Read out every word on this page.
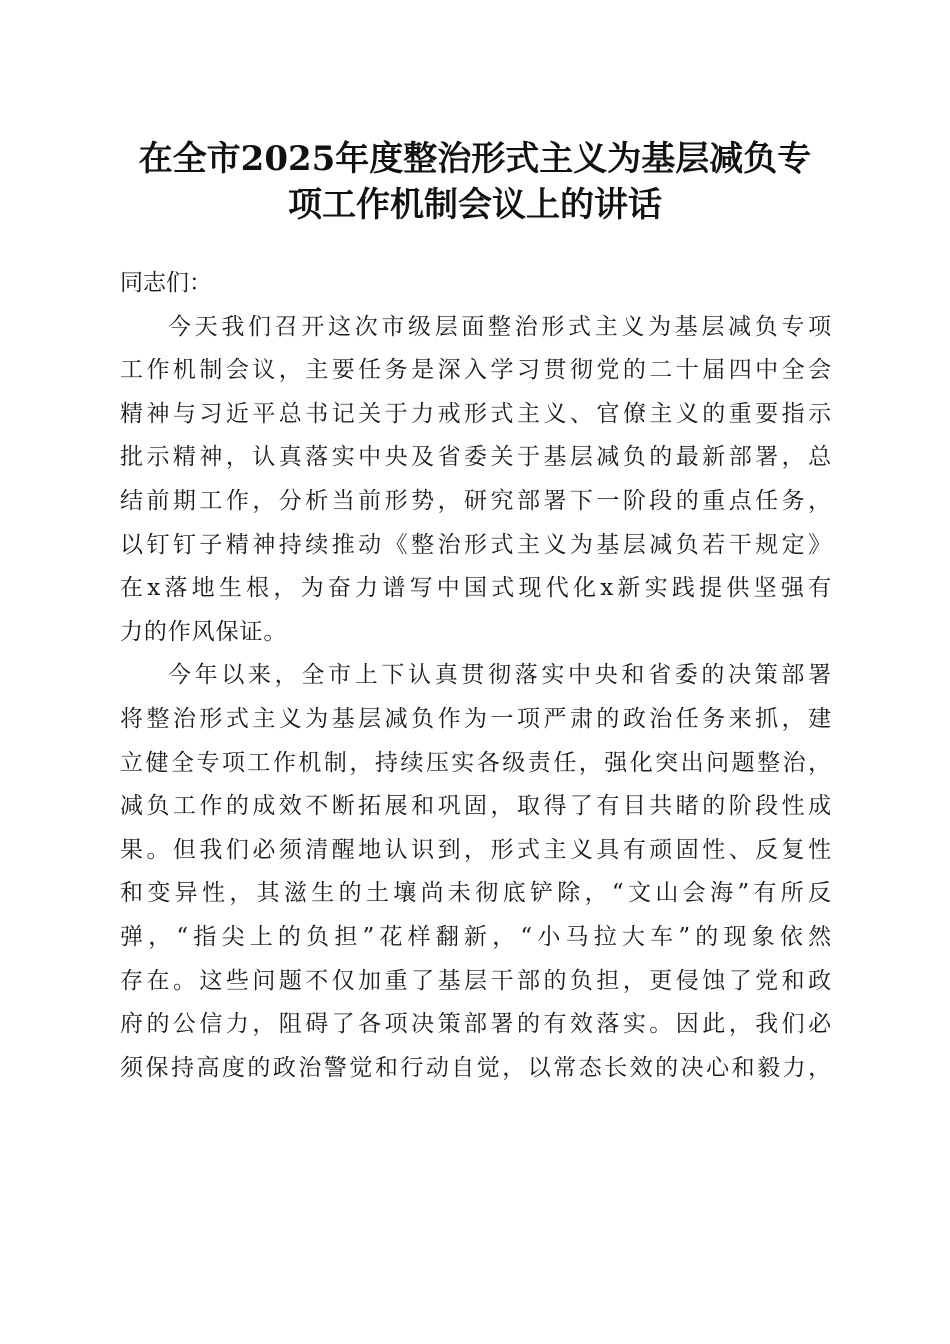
在全市2025年度整治形式主义为基层减负专
项工作机制会议上的讲话

同志们：

今天我们召开这次市级层面整治形式主义为基层减负专项
工作机制会议，主要任务是深入学习贯彻党的二十届四中全会
精神与习近平总书记关于力戒形式主义、官僚主义的重要指示
批示精神，认真落实中央及省委关于基层减负的最新部署，总
结前期工作，分析当前形势，研究部署下一阶段的重点任务，
以钉钉子精神持续推动《整治形式主义为基层减负若干规定》
在x落地生根，为奋力谱写中国式现代化x新实践提供坚强有
力的作风保证。

今年以来，全市上下认真贯彻落实中央和省委的决策部署
将整治形式主义为基层减负作为一项严肃的政治任务来抓，建
立健全专项工作机制，持续压实各级责任，强化突出问题整治，
减负工作的成效不断拓展和巩固，取得了有目共睹的阶段性成
果。但我们必须清醒地认识到，形式主义具有顽固性、反复性
和变异性，其滋生的土壤尚未彻底铲除，“文山会海”有所反
弹，“指尖上的负担”花样翻新，“小马拉大车”的现象依然
存在。这些问题不仅加重了基层干部的负担，更侵蚀了党和政
府的公信力，阻碍了各项决策部署的有效落实。因此，我们必
须保持高度的政治警觉和行动自觉，以常态长效的决心和毅力，
